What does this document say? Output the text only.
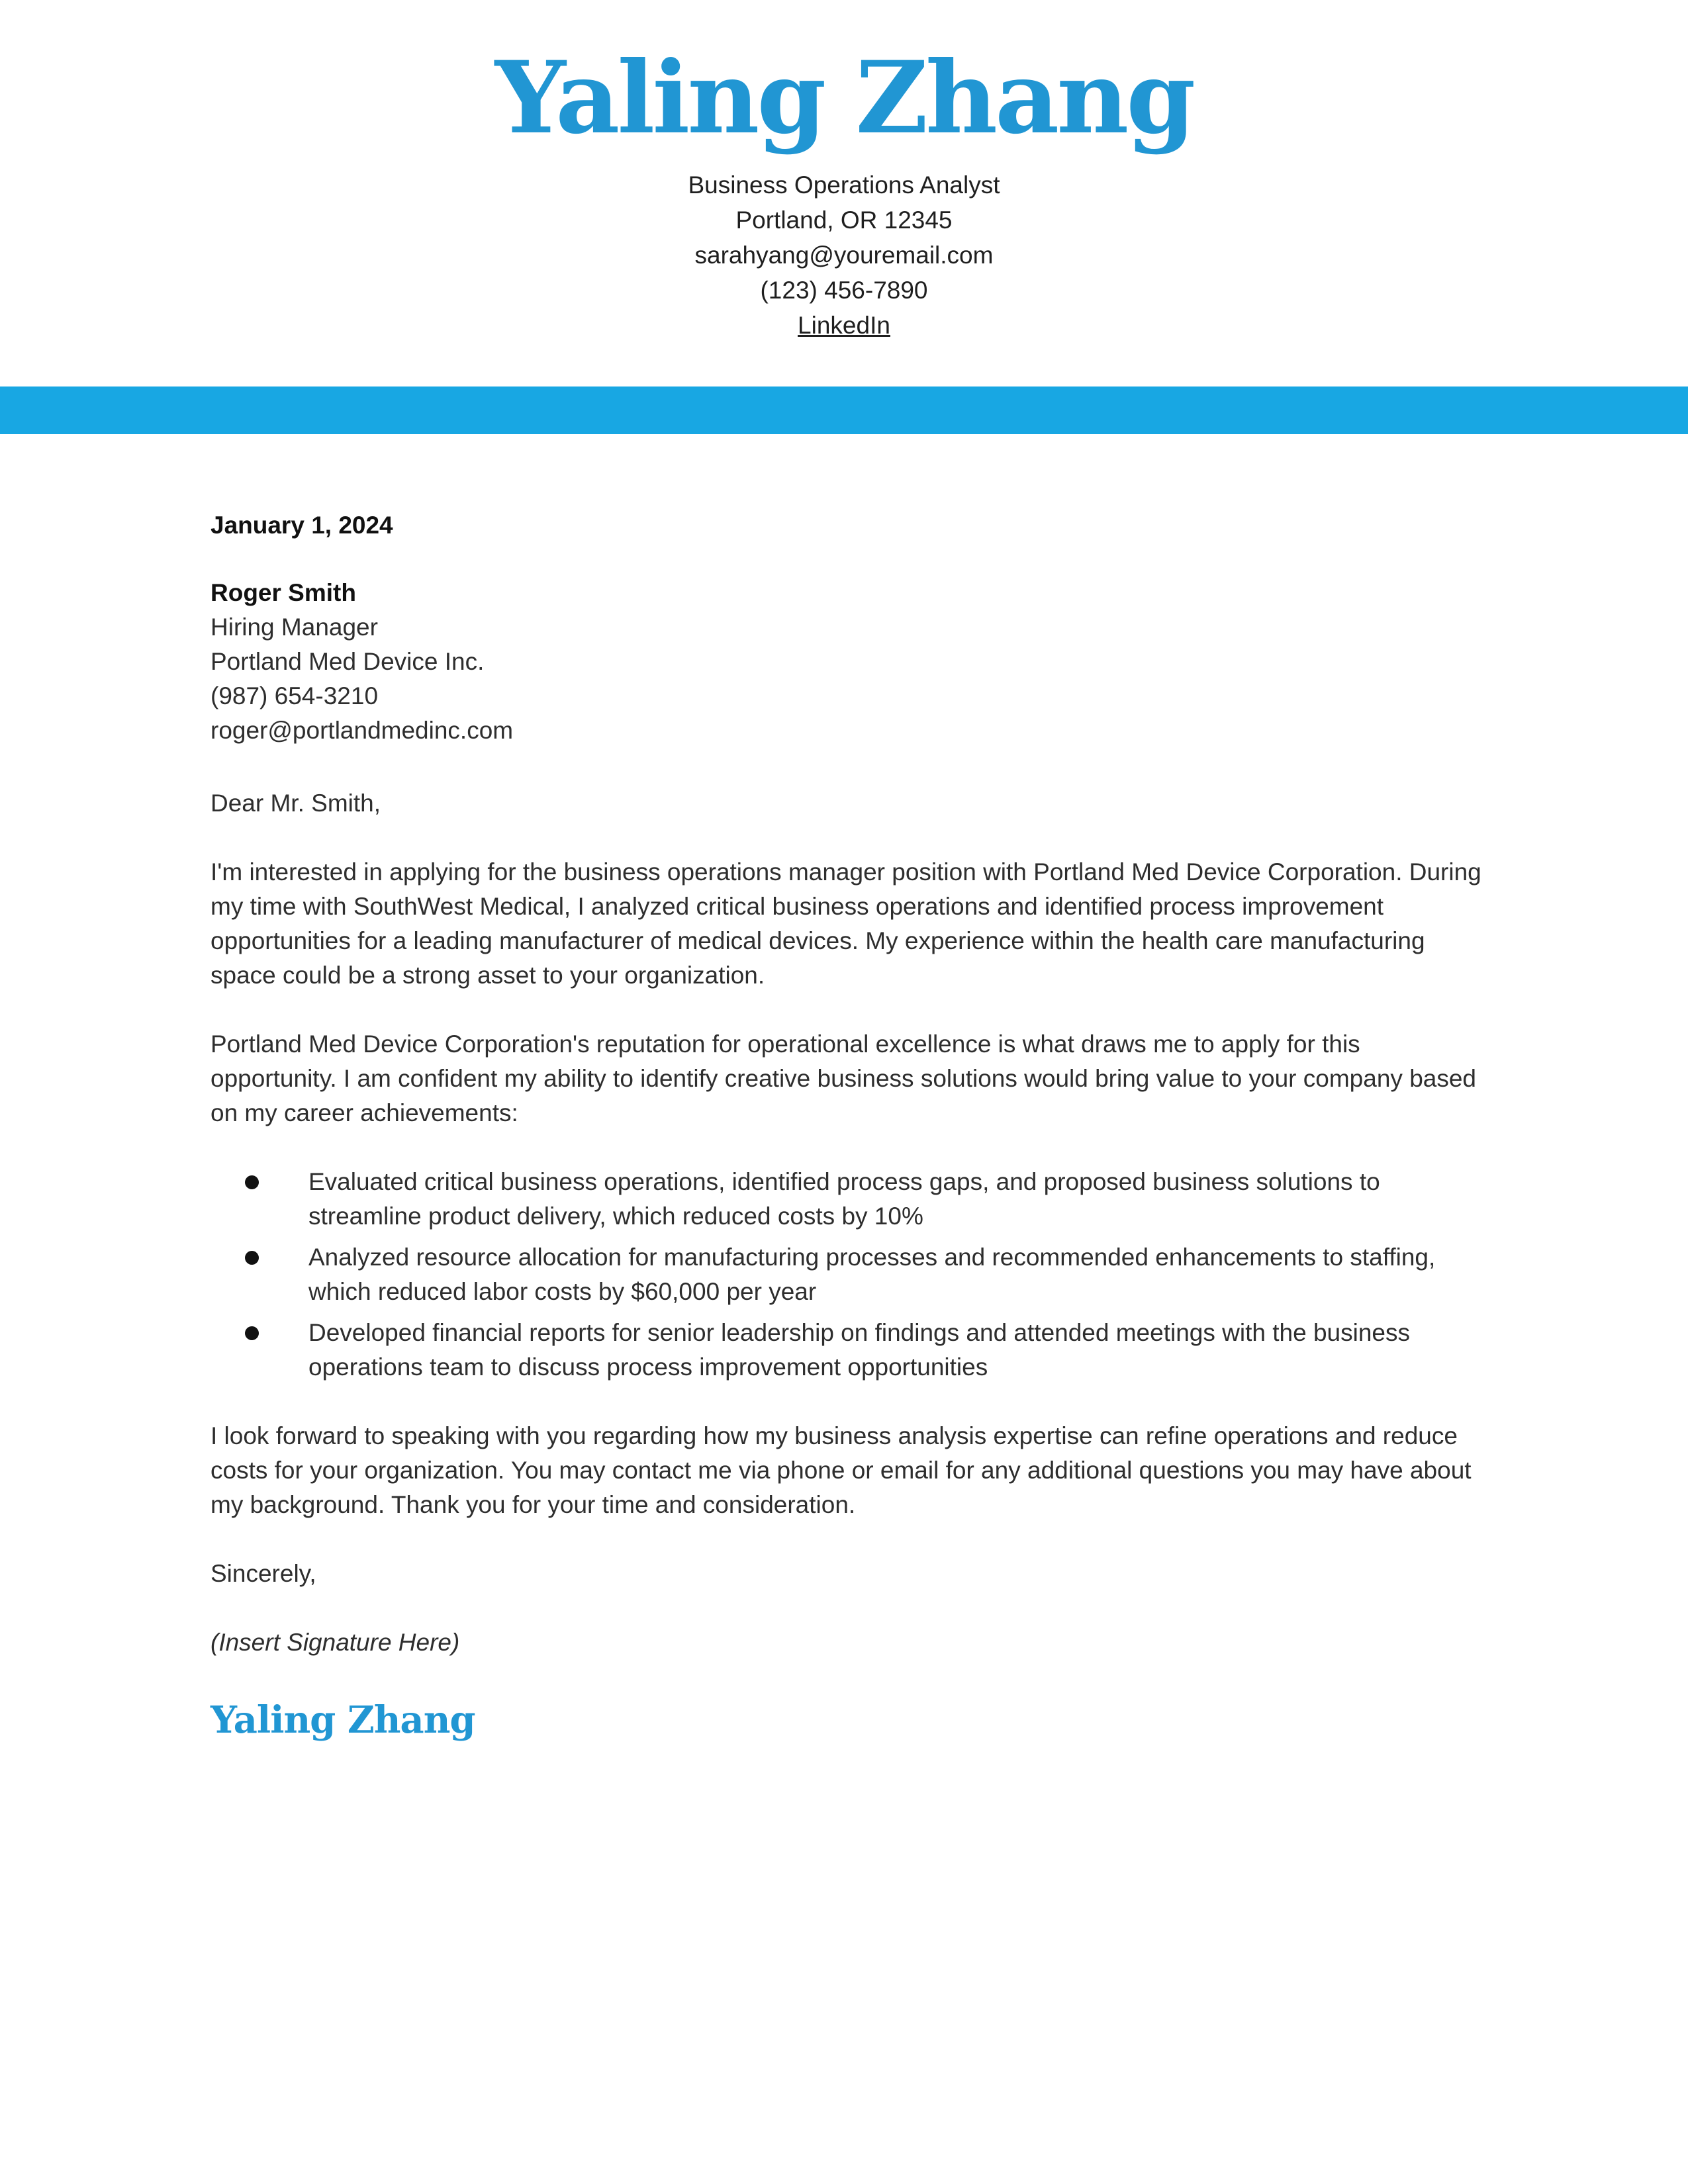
Yaling Zhang
Business Operations Analyst
Portland, OR 12345
sarahyang@youremail.com
(123) 456-7890
LinkedIn

January 1, 2024

Roger Smith
Hiring Manager
Portland Med Device Inc.
(987) 654-3210
roger@portlandmedinc.com

Dear Mr. Smith,

I'm interested in applying for the business operations manager position with Portland Med Device Corporation. During my time with SouthWest Medical, I analyzed critical business operations and identified process improvement opportunities for a leading manufacturer of medical devices. My experience within the health care manufacturing space could be a strong asset to your organization.

Portland Med Device Corporation's reputation for operational excellence is what draws me to apply for this opportunity. I am confident my ability to identify creative business solutions would bring value to your company based on my career achievements:

Evaluated critical business operations, identified process gaps, and proposed business solutions to streamline product delivery, which reduced costs by 10%
Analyzed resource allocation for manufacturing processes and recommended enhancements to staffing, which reduced labor costs by $60,000 per year
Developed financial reports for senior leadership on findings and attended meetings with the business operations team to discuss process improvement opportunities

I look forward to speaking with you regarding how my business analysis expertise can refine operations and reduce costs for your organization. You may contact me via phone or email for any additional questions you may have about my background. Thank you for your time and consideration.

Sincerely,

(Insert Signature Here)

Yaling Zhang
